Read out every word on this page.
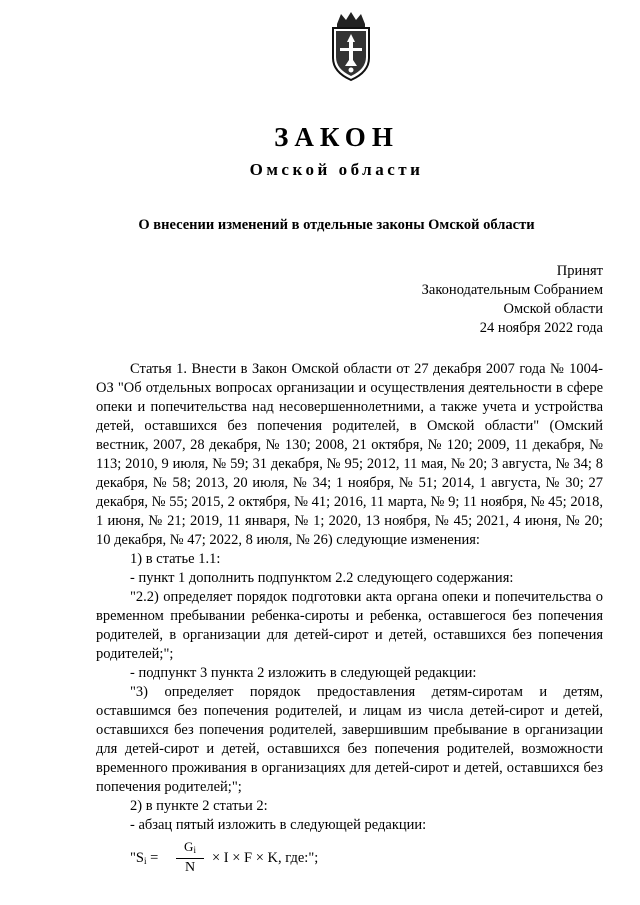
ЗАКОН
Омской области
О внесении изменений в отдельные законы Омской области
Принят
Законодательным Собранием
Омской области
24 ноября 2022 года

Статья 1. Внести в Закон Омской области от 27 декабря 2007 года № 1004-ОЗ "Об отдельных вопросах организации и осуществления деятельности в сфере опеки и попечительства над несовершеннолетними, а также учета и устройства детей, оставшихся без попечения родителей, в Омской области" (Омский вестник, 2007, 28 декабря, № 130; 2008, 21 октября, № 120; 2009, 11 декабря, № 113; 2010, 9 июля, № 59; 31 декабря, № 95; 2012, 11 мая, № 20; 3 августа, № 34; 8 декабря, № 58; 2013, 20 июля, № 34; 1 ноября, № 51; 2014, 1 августа, № 30; 27 декабря, № 55; 2015, 2 октября, № 41; 2016, 11 марта, № 9; 11 ноября, № 45; 2018, 1 июня, № 21; 2019, 11 января, № 1; 2020, 13 ноября, № 45; 2021, 4 июня, № 20; 10 декабря, № 47; 2022, 8 июля, № 26) следующие изменения:

1) в статье 1.1:

- пункт 1 дополнить подпунктом 2.2 следующего содержания:

"2.2) определяет порядок подготовки акта органа опеки и попечительства о временном пребывании ребенка-сироты и ребенка, оставшегося без попечения родителей, в организации для детей-сирот и детей, оставшихся без попечения родителей;";

- подпункт 3 пункта 2 изложить в следующей редакции:

"3) определяет порядок предоставления детям-сиротам и детям, оставшимся без попечения родителей, и лицам из числа детей-сирот и детей, оставшихся без попечения родителей, завершившим пребывание в организации для детей-сирот и детей, оставшихся без попечения родителей, возможности временного проживания в организациях для детей-сирот и детей, оставшихся без попечения родителей;";

2) в пункте 2 статьи 2:

- абзац пятый изложить в следующей редакции:

"$S_i = \frac{G_i}{N} \times I \times F \times K$, где:";
